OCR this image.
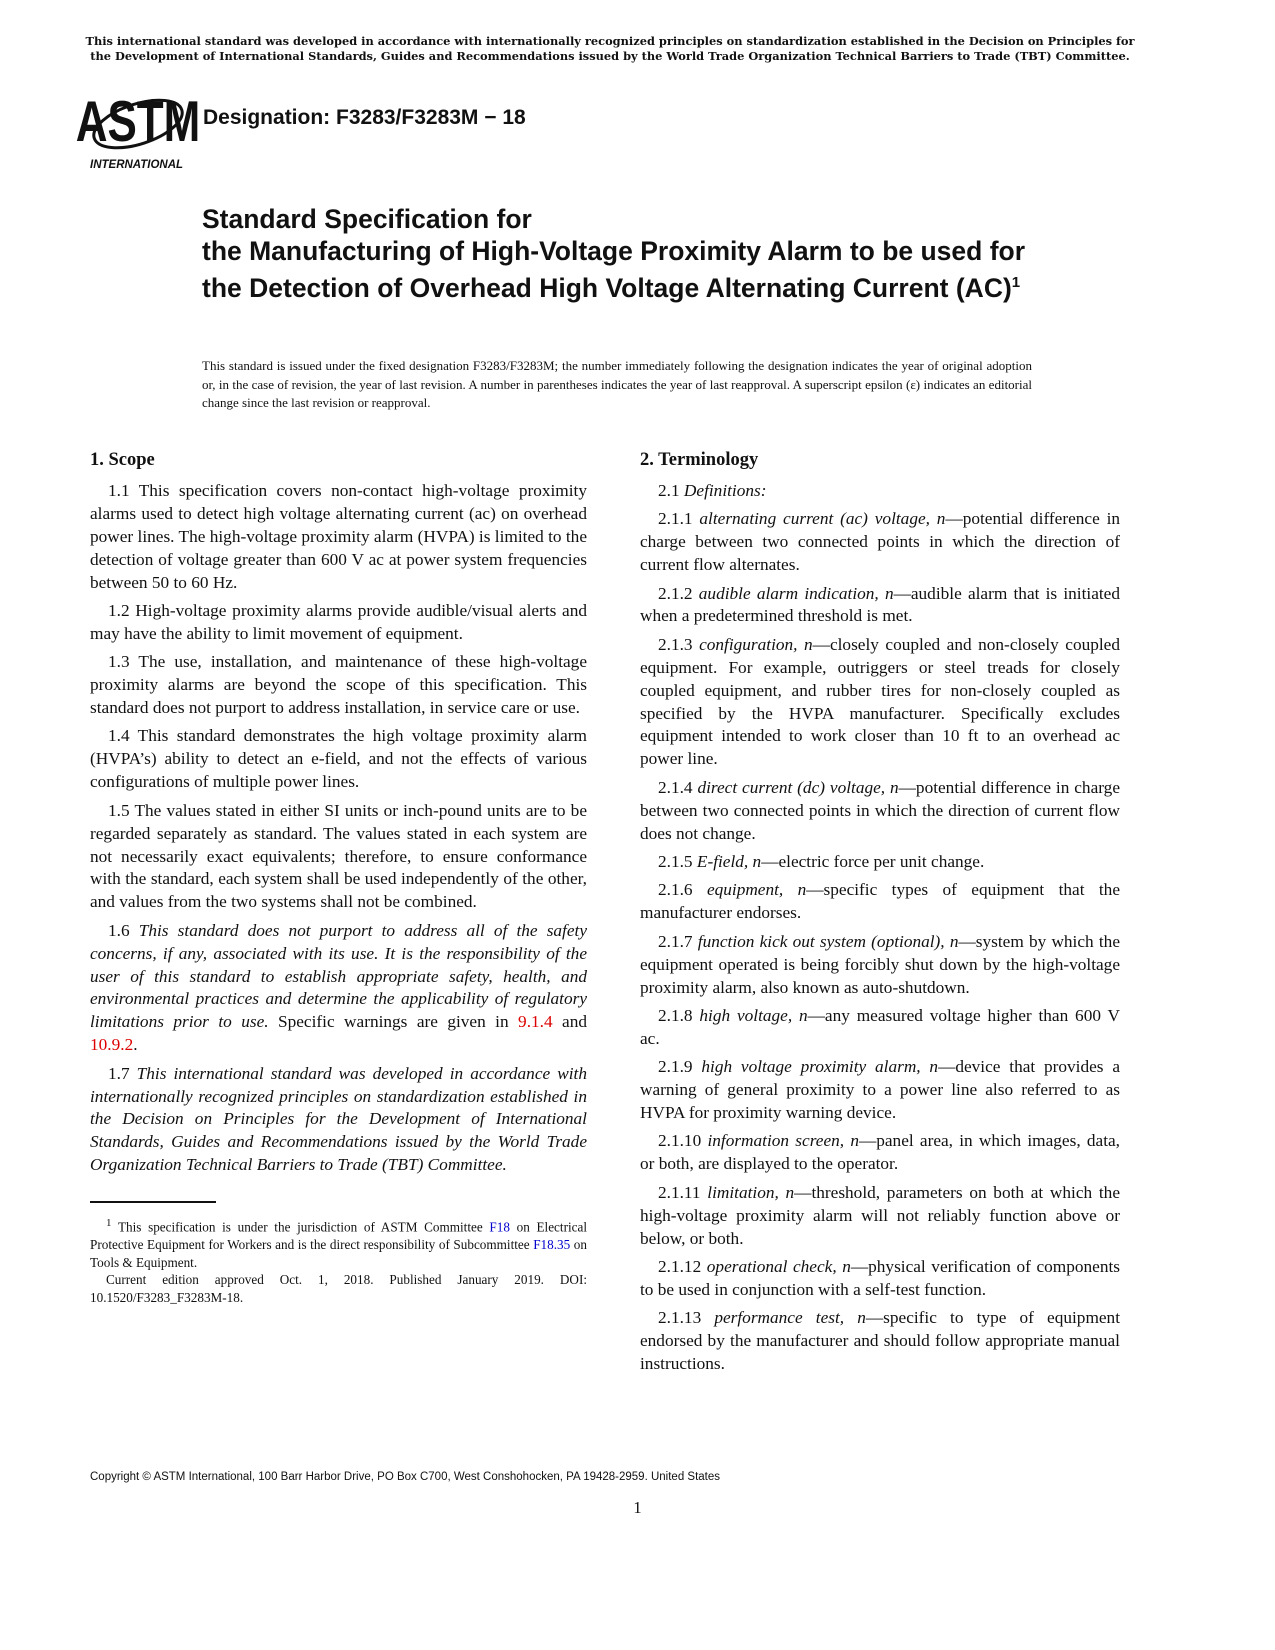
This international standard was developed in accordance with internationally recognized principles on standardization established in the Decision on Principles for the Development of International Standards, Guides and Recommendations issued by the World Trade Organization Technical Barriers to Trade (TBT) Committee.
ASTM
INTERNATIONAL
Designation: F3283/F3283M − 18
Standard Specification for
the Manufacturing of High-Voltage Proximity Alarm to be used for the Detection of Overhead High Voltage Alternating Current (AC)$^1$
This standard is issued under the fixed designation F3283/F3283M; the number immediately following the designation indicates the year of original adoption or, in the case of revision, the year of last revision. A number in parentheses indicates the year of last reapproval. A superscript epsilon (ε) indicates an editorial change since the last revision or reapproval.
1. Scope

1.1 This specification covers non-contact high-voltage proximity alarms used to detect high voltage alternating current (ac) on overhead power lines. The high-voltage proximity alarm (HVPA) is limited to the detection of voltage greater than 600 V ac at power system frequencies between 50 to 60 Hz.

1.2 High-voltage proximity alarms provide audible/visual alerts and may have the ability to limit movement of equipment.

1.3 The use, installation, and maintenance of these high-voltage proximity alarms are beyond the scope of this specification. This standard does not purport to address installation, in service care or use.

1.4 This standard demonstrates the high voltage proximity alarm (HVPA’s) ability to detect an e-field, and not the effects of various configurations of multiple power lines.

1.5 The values stated in either SI units or inch-pound units are to be regarded separately as standard. The values stated in each system are not necessarily exact equivalents; therefore, to ensure conformance with the standard, each system shall be used independently of the other, and values from the two systems shall not be combined.

1.6 This standard does not purport to address all of the safety concerns, if any, associated with its use. It is the responsibility of the user of this standard to establish appropriate safety, health, and environmental practices and determine the applicability of regulatory limitations prior to use. Specific warnings are given in 9.1.4 and 10.9.2.

1.7 This international standard was developed in accordance with internationally recognized principles on standardization established in the Decision on Principles for the Development of International Standards, Guides and Recommendations issued by the World Trade Organization Technical Barriers to Trade (TBT) Committee.

$^1$ This specification is under the jurisdiction of ASTM Committee F18 on Electrical Protective Equipment for Workers and is the direct responsibility of Subcommittee F18.35 on Tools & Equipment.

Current edition approved Oct. 1, 2018. Published January 2019. DOI: 10.1520/F3283_F3283M-18.

2. Terminology

2.1 Definitions:

2.1.1 alternating current (ac) voltage, n—potential difference in charge between two connected points in which the direction of current flow alternates.

2.1.2 audible alarm indication, n—audible alarm that is initiated when a predetermined threshold is met.

2.1.3 configuration, n—closely coupled and non-closely coupled equipment. For example, outriggers or steel treads for closely coupled equipment, and rubber tires for non-closely coupled as specified by the HVPA manufacturer. Specifically excludes equipment intended to work closer than 10 ft to an overhead ac power line.

2.1.4 direct current (dc) voltage, n—potential difference in charge between two connected points in which the direction of current flow does not change.

2.1.5 E-field, n—electric force per unit change.

2.1.6 equipment, n—specific types of equipment that the manufacturer endorses.

2.1.7 function kick out system (optional), n—system by which the equipment operated is being forcibly shut down by the high-voltage proximity alarm, also known as auto-shutdown.

2.1.8 high voltage, n—any measured voltage higher than 600 V ac.

2.1.9 high voltage proximity alarm, n—device that provides a warning of general proximity to a power line also referred to as HVPA for proximity warning device.

2.1.10 information screen, n—panel area, in which images, data, or both, are displayed to the operator.

2.1.11 limitation, n—threshold, parameters on both at which the high-voltage proximity alarm will not reliably function above or below, or both.

2.1.12 operational check, n—physical verification of components to be used in conjunction with a self-test function.

2.1.13 performance test, n—specific to type of equipment endorsed by the manufacturer and should follow appropriate manual instructions.

Copyright © ASTM International, 100 Barr Harbor Drive, PO Box C700, West Conshohocken, PA 19428-2959. United States
1
